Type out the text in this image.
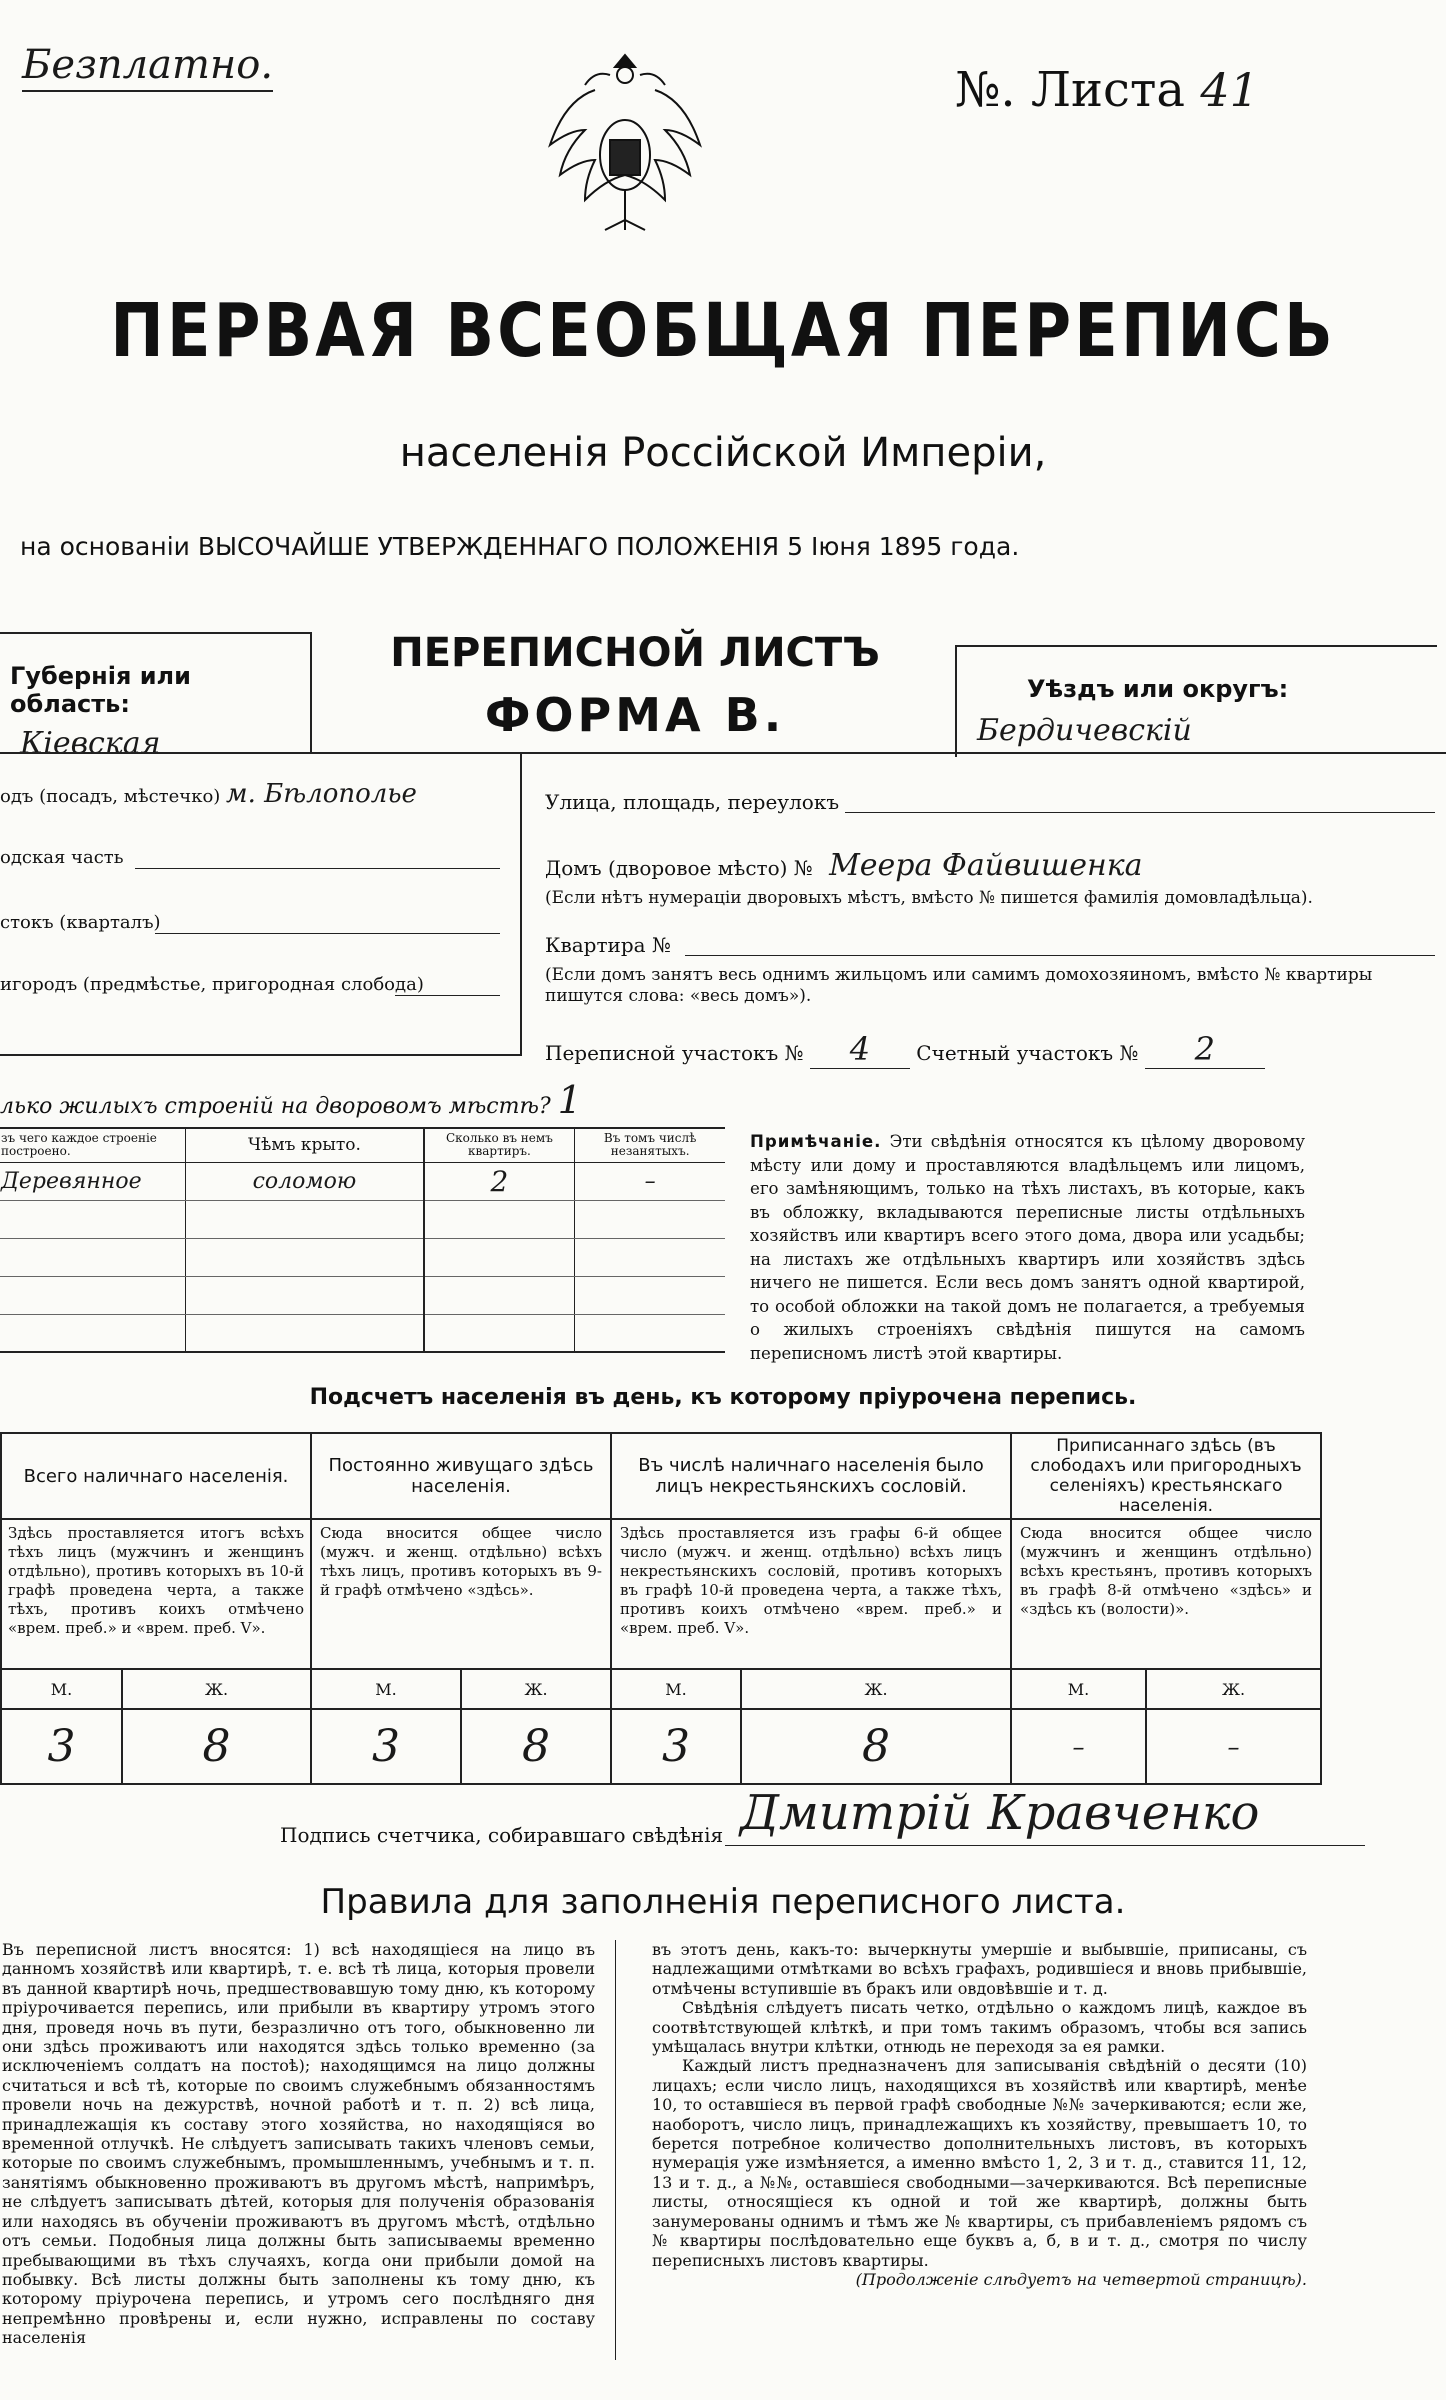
Безплатно.	№. Листа 41
ПЕРВАЯ ВСЕОБЩАЯ ПЕРЕПИСЬ
населенія Россійской Имперіи,
на основаніи ВЫСОЧАЙШЕ УТВЕРЖДЕННАГО ПОЛОЖЕНІЯ 5 Іюня 1895 года.
Губернія или область:
Кіевская
ПЕРЕПИСНОЙ ЛИСТЪ
ФОРМА В.	Уѣздъ или округъ:
Бердичевскій
одъ (посадъ, мѣстечко) м. Бѣлополье
одская часть
стокъ (кварталъ)
игородъ (предмѣстье, пригородная слобода)
Улица, площадь, переулокъ
Домъ (дворовое мѣсто) № Меера Файвишенка
(Если нѣтъ нумераціи дворовыхъ мѣстъ, вмѣсто № пишется фамилія домовладѣльца).
Квартира №
(Если домъ занятъ весь однимъ жильцомъ или самимъ домохозяиномъ, вмѣсто № квартиры пишутся слова: «весь домъ»).
Переписной участокъ № 4 Счетный участокъ № 2
лько жилыхъ строеній на дворовомъ мѣстѣ? 1
зъ чего каждое строеніе построено.	Чѣмъ крыто.	Сколько въ немъ квартиръ.	Въ томъ числѣ незанятыхъ.
Деревянное	соломою	2	–

Примѣчаніе. Эти свѣдѣнія относятся къ цѣлому дворовому мѣсту или дому и проставляются владѣльцемъ или лицомъ, его замѣняющимъ, только на тѣхъ листахъ, въ которые, какъ въ обложку, вкладываются переписные листы отдѣльныхъ хозяйствъ или квартиръ всего этого дома, двора или усадьбы; на листахъ же отдѣльныхъ квартиръ или хозяйствъ здѣсь ничего не пишется. Если весь домъ занятъ одной квартирой, то особой обложки на такой домъ не полагается, а требуемыя о жилыхъ строеніяхъ свѣдѣнія пишутся на самомъ переписномъ листѣ этой квартиры.
Подсчетъ населенія въ день, къ которому пріурочена перепись.
Всего наличнаго населенія.		Постоянно живущаго здѣсь населенія.		Въ числѣ наличнаго населенія было лицъ некрестьянскихъ сословій.		Приписаннаго здѣсь (въ слободахъ или пригородныхъ селеніяхъ) крестьянскаго населенія.	
Здѣсь проставляется итогъ всѣхъ тѣхъ лицъ (мужчинъ и женщинъ отдѣльно), противъ которыхъ въ 10-й графѣ проведена черта, а также тѣхъ, противъ коихъ отмѣчено «врем. преб.» и «врем. преб. V».		Сюда вносится общее число (мужч. и женщ. отдѣльно) всѣхъ тѣхъ лицъ, противъ которыхъ въ 9-й графѣ отмѣчено «здѣсь».		Здѣсь проставляется изъ графы 6-й общее число (мужч. и женщ. отдѣльно) всѣхъ лицъ некрестьянскихъ сословій, противъ которыхъ въ графѣ 10-й проведена черта, а также тѣхъ, противъ коихъ отмѣчено «врем. преб.» и «врем. преб. V».		Сюда вносится общее число (мужчинъ и женщинъ отдѣльно) всѣхъ крестьянъ, противъ которыхъ въ графѣ 8-й отмѣчено «здѣсь» и «здѣсь къ (волости)».	
М.	Ж.	М.	Ж.	М.	Ж.	М.	Ж.
3	8	3	8	3	8	–	–
Подпись счетчика, собиравшаго свѣдѣнія Дмитрій Кравченко
Правила для заполненія переписного листа.
Въ переписной листъ вносятся: 1) всѣ находящіеся на лицо въ данномъ хозяйствѣ или квартирѣ, т. е. всѣ тѣ лица, которыя провели въ данной квартирѣ ночь, предшествовавшую тому дню, къ которому пріурочивается перепись, или прибыли въ квартиру утромъ этого дня, проведя ночь въ пути, безразлично отъ того, обыкновенно ли они здѣсь проживаютъ или находятся здѣсь только временно (за исключеніемъ солдатъ на постоѣ); находящимся на лицо должны считаться и всѣ тѣ, которые по своимъ служебнымъ обязанностямъ провели ночь на дежурствѣ, ночной работѣ и т. п. 2) всѣ лица, принадлежащія къ составу этого хозяйства, но находящіяся во временной отлучкѣ. Не слѣдуетъ записывать такихъ членовъ семьи, которые по своимъ служебнымъ, промышленнымъ, учебнымъ и т. п. занятіямъ обыкновенно проживаютъ въ другомъ мѣстѣ, напримѣръ, не слѣдуетъ записывать дѣтей, которыя для полученія образованія или находясь въ обученіи проживаютъ въ другомъ мѣстѣ, отдѣльно отъ семьи. Подобныя лица должны быть записываемы временно пребывающими въ тѣхъ случаяхъ, когда они прибыли домой на побывку. Всѣ листы должны быть заполнены къ тому дню, къ которому пріурочена перепись, и утромъ сего послѣдняго дня непремѣнно провѣрены и, если нужно, исправлены по составу населенія
въ этотъ день, какъ-то: вычеркнуты умершіе и выбывшіе, приписаны, съ надлежащими отмѣтками во всѣхъ графахъ, родившіеся и вновь прибывшіе, отмѣчены вступившіе въ бракъ или овдовѣвшіе и т. д.
Свѣдѣнія слѣдуетъ писать четко, отдѣльно о каждомъ лицѣ, каждое въ соотвѣтствующей клѣткѣ, и при томъ такимъ образомъ, чтобы вся запись умѣщалась внутри клѣтки, отнюдь не переходя за ея рамки.
Каждый листъ предназначенъ для записыванія свѣдѣній о десяти (10) лицахъ; если число лицъ, находящихся въ хозяйствѣ или квартирѣ, менѣе 10, то оставшіеся въ первой графѣ свободные №№ зачеркиваются; если же, наоборотъ, число лицъ, принадлежащихъ къ хозяйству, превышаетъ 10, то берется потребное количество дополнительныхъ листовъ, въ которыхъ нумерація уже измѣняется, а именно вмѣсто 1, 2, 3 и т. д., ставится 11, 12, 13 и т. д., а №№, оставшіеся свободными—зачеркиваются. Всѣ переписные листы, относящіеся къ одной и той же квартирѣ, должны быть занумерованы однимъ и тѣмъ же № квартиры, съ прибавленіемъ рядомъ съ № квартиры послѣдовательно еще буквъ а, б, в и т. д., смотря по числу переписныхъ листовъ квартиры.
(Продолженіе слѣдуетъ на четвертой страницѣ).
